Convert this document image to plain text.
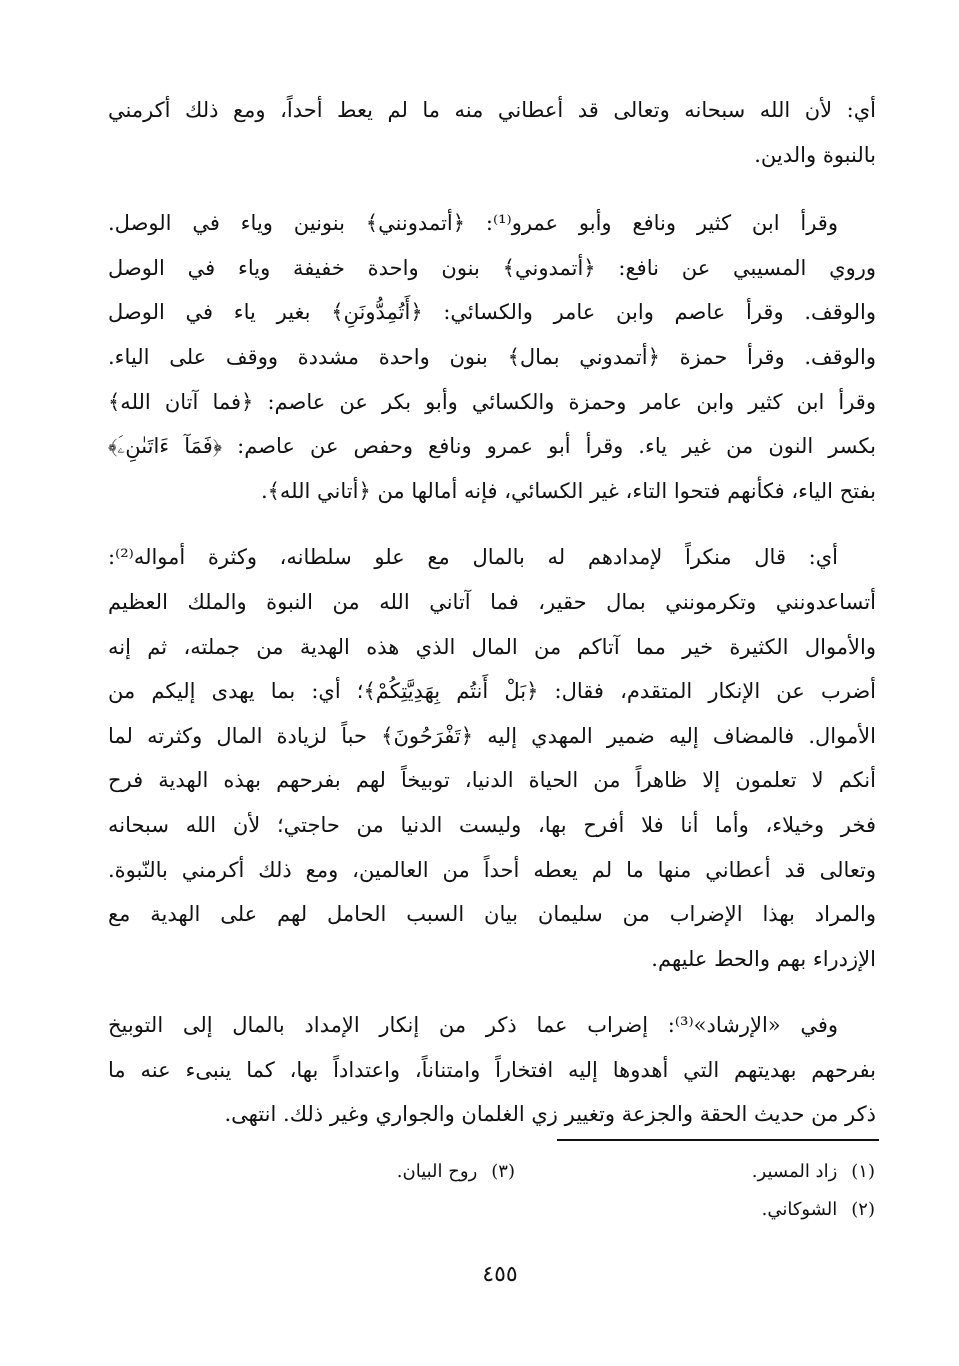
أي: لأن الله سبحانه وتعالى قد أعطاني منه ما لم يعط أحداً، ومع ذلك أكرمني
بالنبوة والدين.

وقرأ ابن كثير ونافع وأبو عمرو⁽¹⁾: ﴿أتمدونني﴾ بنونين وياء في الوصل.
وروي المسيبي عن نافع: ﴿أتمدوني﴾ بنون واحدة خفيفة وياء في الوصل
والوقف. وقرأ عاصم وابن عامر والكسائي: ﴿أَتُمِدُّونَنِ﴾ بغير ياء في الوصل
والوقف. وقرأ حمزة ﴿أتمدوني بمال﴾ بنون واحدة مشددة ووقف على الياء.
وقرأ ابن كثير وابن عامر وحمزة والكسائي وأبو بكر عن عاصم: ﴿فما آتان الله﴾
بكسر النون من غير ياء. وقرأ أبو عمرو ونافع وحفص عن عاصم: ﴿فَمَآ ءَاتَىٰنِۦَ﴾
بفتح الياء، فكأنهم فتحوا التاء، غير الكسائي، فإنه أمالها من ﴿أتاني الله﴾.

أي: قال منكراً لإمدادهم له بالمال مع علو سلطانه، وكثرة أمواله⁽²⁾:
أتساعدونني وتكرمونني بمال حقير، فما آتاني الله من النبوة والملك العظيم
والأموال الكثيرة خير مما آتاكم من المال الذي هذه الهدية من جملته، ثم إنه
أضرب عن الإنكار المتقدم، فقال: ﴿بَلْ أَنتُم بِهَدِيَّتِكُمْ﴾؛ أي: بما يهدى إليكم من
الأموال. فالمضاف إليه ضمير المهدي إليه ﴿تَفْرَحُونَ﴾ حباً لزيادة المال وكثرته لما
أنكم لا تعلمون إلا ظاهراً من الحياة الدنيا، توبيخاً لهم بفرحهم بهذه الهدية فرح
فخر وخيلاء، وأما أنا فلا أفرح بها، وليست الدنيا من حاجتي؛ لأن الله سبحانه
وتعالى قد أعطاني منها ما لم يعطه أحداً من العالمين، ومع ذلك أكرمني بالنّبوة.
والمراد بهذا الإضراب من سليمان بيان السبب الحامل لهم على الهدية مع
الإزدراء بهم والحط عليهم.

وفي «الإرشاد»⁽³⁾: إضراب عما ذكر من إنكار الإمداد بالمال إلى التوبيخ
بفرحهم بهديتهم التي أهدوها إليه افتخاراً وامتناناً، واعتداداً بها، كما ينبىء عنه ما
ذكر من حديث الحقة والجزعة وتغيير زي الغلمان والجواري وغير ذلك. انتهى.

(١)زاد المسير.
(٣)روح البيان.
(٢)الشوكاني.
٤٥٥
